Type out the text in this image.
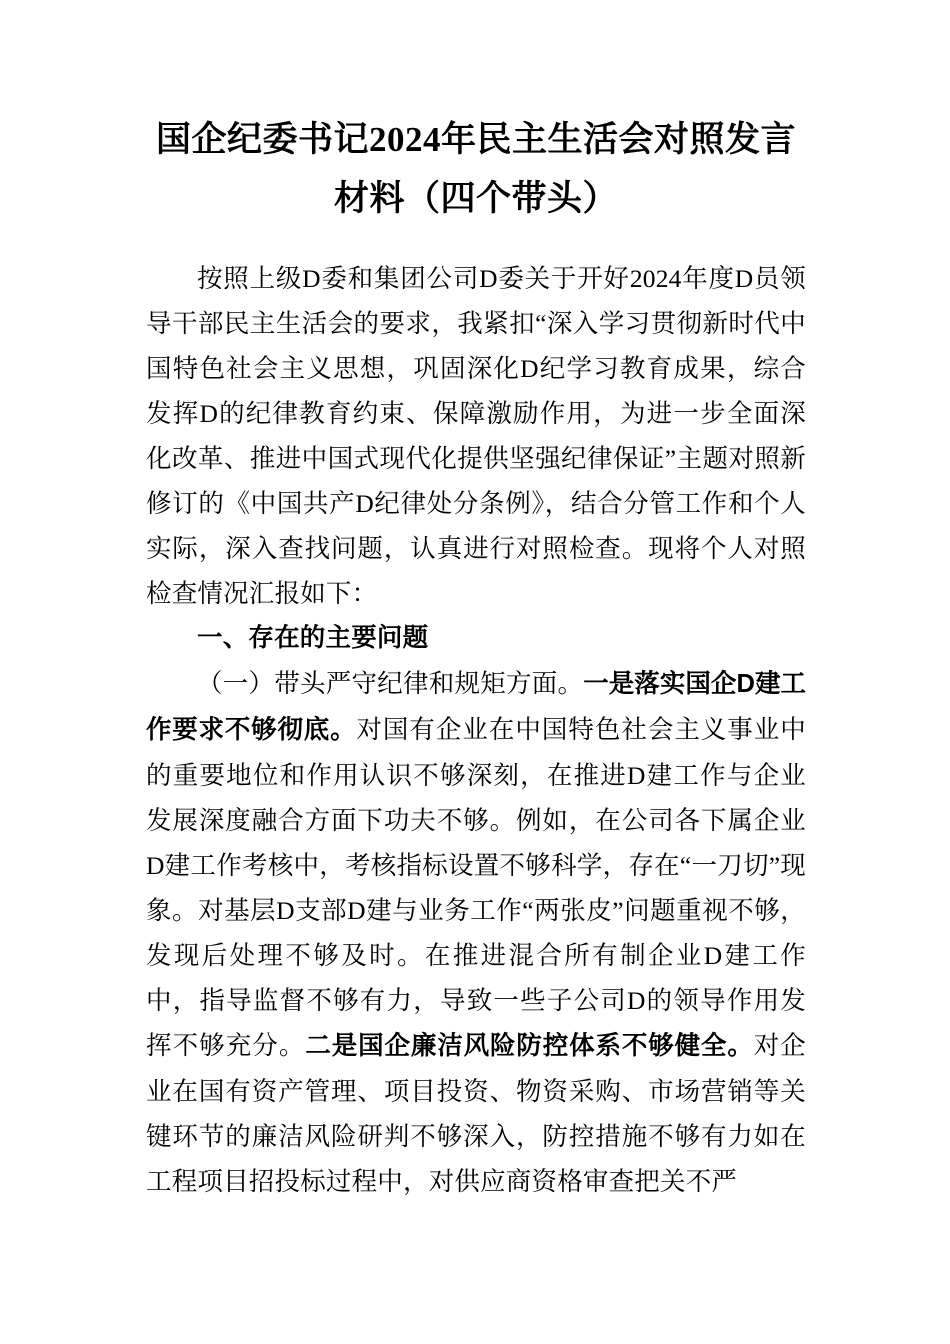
国企纪委书记2024年民主生活会对照发言材料（四个带头）

按照上级D委和集团公司D委关于开好2024年度D员领导干部民主生活会的要求，我紧扣“深入学习贯彻新时代中国特色社会主义思想，巩固深化D纪学习教育成果，综合发挥D的纪律教育约束、保障激励作用，为进一步全面深化改革、推进中国式现代化提供坚强纪律保证”主题对照新修订的《中国共产D纪律处分条例》，结合分管工作和个人实际，深入查找问题，认真进行对照检查。现将个人对照检查情况汇报如下：

一、存在的主要问题

（一）带头严守纪律和规矩方面。一是落实国企D建工作要求不够彻底。对国有企业在中国特色社会主义事业中的重要地位和作用认识不够深刻，在推进D建工作与企业发展深度融合方面下功夫不够。例如，在公司各下属企业D建工作考核中，考核指标设置不够科学，存在“一刀切”现象。对基层D支部D建与业务工作“两张皮”问题重视不够，发现后处理不够及时。在推进混合所有制企业D建工作中，指导监督不够有力，导致一些子公司D的领导作用发挥不够充分。二是国企廉洁风险防控体系不够健全。对企业在国有资产管理、项目投资、物资采购、市场营销等关键环节的廉洁风险研判不够深入，防控措施不够有力如在工程项目招投标过程中，对供应商资格审查把关不严
